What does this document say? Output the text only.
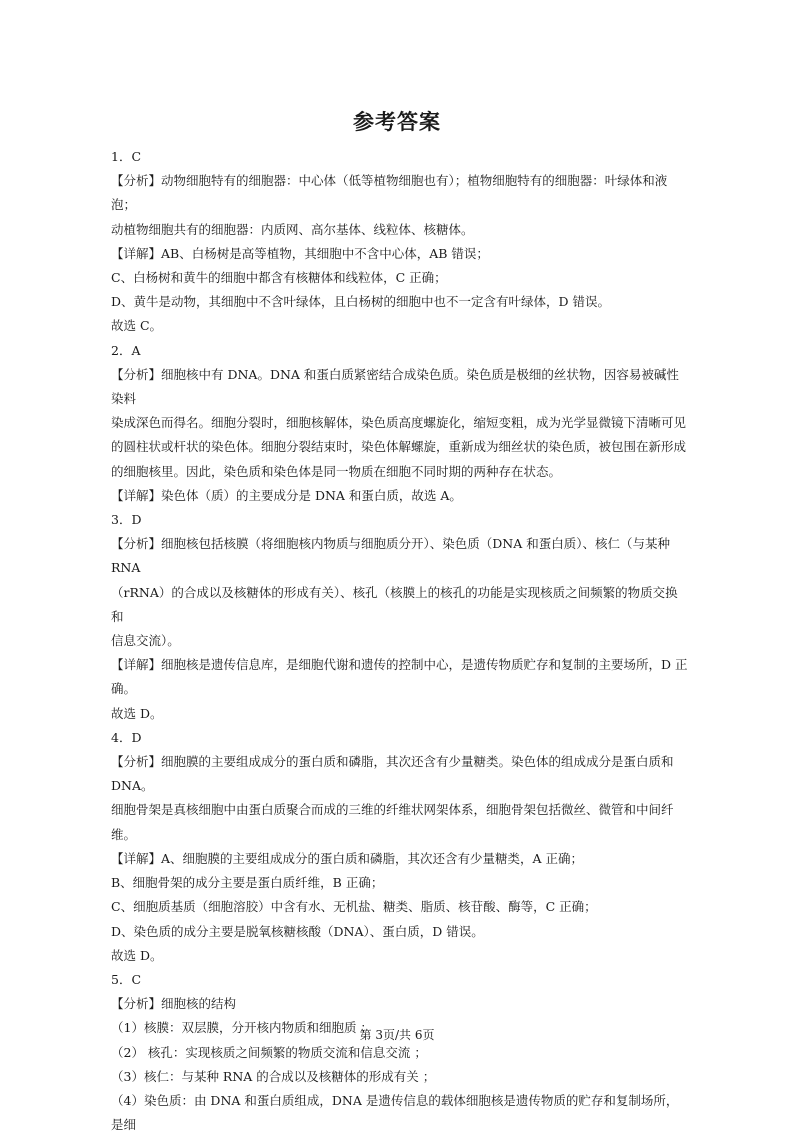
参考答案

1．C

【分析】动物细胞特有的细胞器：中心体（低等植物细胞也有）；植物细胞特有的细胞器：叶绿体和液泡；

动植物细胞共有的细胞器：内质网、高尔基体、线粒体、核糖体。

【详解】AB、白杨树是高等植物，其细胞中不含中心体，AB 错误；

C、白杨树和黄牛的细胞中都含有核糖体和线粒体，C 正确；

D、黄牛是动物，其细胞中不含叶绿体，且白杨树的细胞中也不一定含有叶绿体，D 错误。

故选 C。

2．A

【分析】细胞核中有 DNA。DNA 和蛋白质紧密结合成染色质。染色质是极细的丝状物，因容易被碱性染料

染成深色而得名。细胞分裂时，细胞核解体，染色质高度螺旋化，缩短变粗，成为光学显微镜下清晰可见

的圆柱状或杆状的染色体。细胞分裂结束时，染色体解螺旋，重新成为细丝状的染色质，被包围在新形成

的细胞核里。因此，染色质和染色体是同一物质在细胞不同时期的两种存在状态。

【详解】染色体（质）的主要成分是 DNA 和蛋白质，故选 A。

3．D

【分析】细胞核包括核膜（将细胞核内物质与细胞质分开）、染色质（DNA 和蛋白质）、核仁（与某种 RNA

（rRNA）的合成以及核糖体的形成有关）、核孔（核膜上的核孔的功能是实现核质之间频繁的物质交换和

信息交流）。

【详解】细胞核是遗传信息库，是细胞代谢和遗传的控制中心，是遗传物质贮存和复制的主要场所，D 正

确。

故选 D。

4．D

【分析】细胞膜的主要组成成分的蛋白质和磷脂，其次还含有少量糖类。染色体的组成成分是蛋白质和 DNA。

细胞骨架是真核细胞中由蛋白质聚合而成的三维的纤维状网架体系，细胞骨架包括微丝、微管和中间纤维。

【详解】A、细胞膜的主要组成成分的蛋白质和磷脂，其次还含有少量糖类，A 正确；

B、细胞骨架的成分主要是蛋白质纤维，B 正确；

C、细胞质基质（细胞溶胶）中含有水、无机盐、糖类、脂质、核苷酸、酶等，C 正确；

D、染色质的成分主要是脱氧核糖核酸（DNA）、蛋白质，D 错误。

故选 D。

5．C

【分析】细胞核的结构

（1）核膜：双层膜，分开核内物质和细胞质 ；

（2） 核孔：实现核质之间频繁的物质交流和信息交流 ；

（3）核仁：与某种 RNA 的合成以及核糖体的形成有关 ；

（4）染色质：由 DNA 和蛋白质组成，DNA 是遗传信息的载体细胞核是遗传物质的贮存和复制场所，是细

第 3页/共 6页
